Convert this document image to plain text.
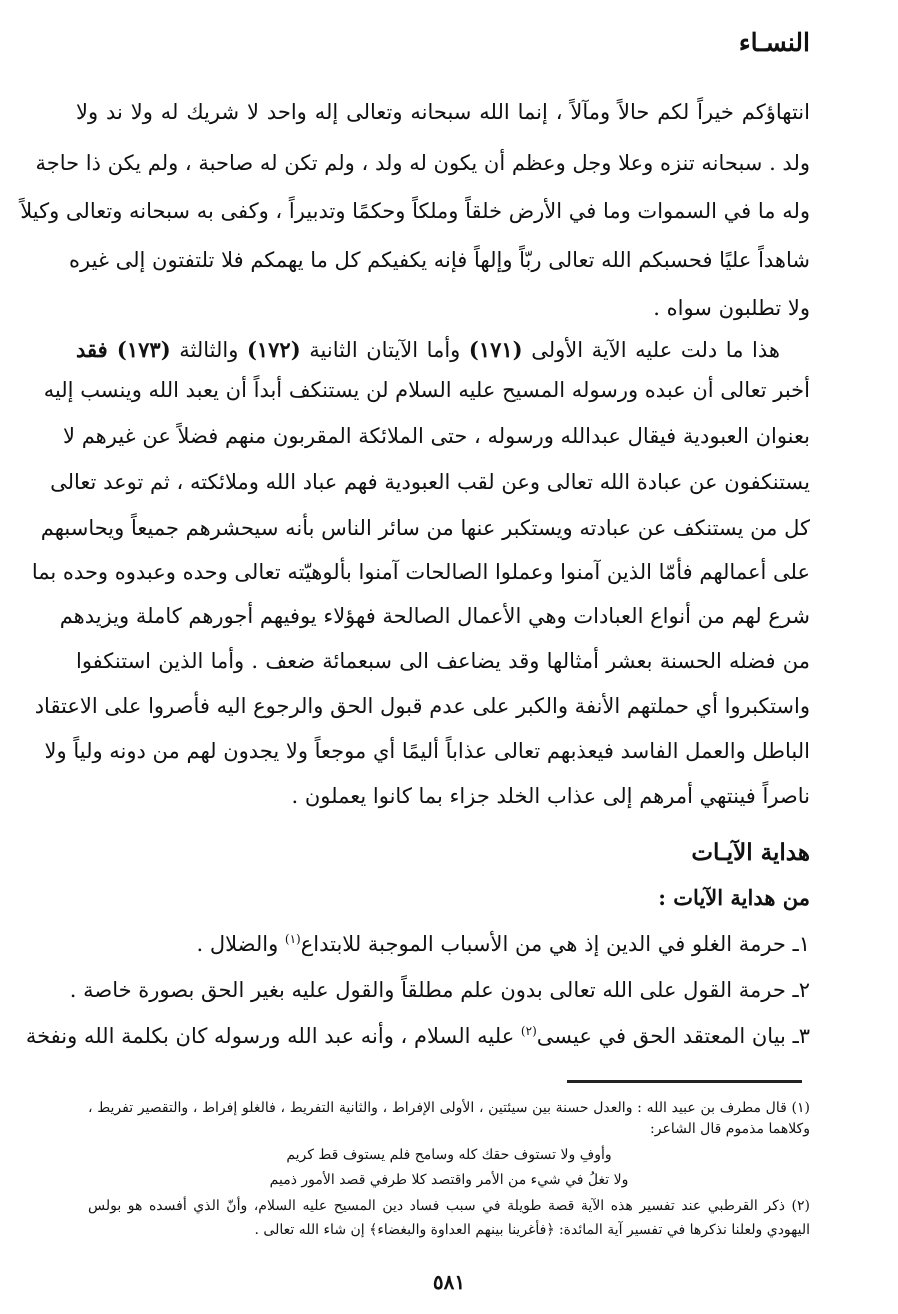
النسـاء
انتهاؤكم خيراً لكم حالاً ومآلاً ، إنما الله سبحانه وتعالى إله واحد لا شريك له ولا ند ولا
ولد . سبحانه تنزه وعلا وجل وعظم أن يكون له ولد ، ولم تكن له صاحبة ، ولم يكن ذا حاجة
وله ما في السموات وما في الأرض خلقاً وملكاً وحكمًا وتدبيراً ، وكفى به سبحانه وتعالى وكيلاً
شاهداً عليًا فحسبكم الله تعالى ربّاً وإلهاً فإنه يكفيكم كل ما يهمكم فلا تلتفتون إلى غيره
ولا تطلبون سواه .
هذا ما دلت عليه الآية الأولى (١٧١) وأما الآيتان الثانية (١٧٢) والثالثة (١٧٣) فقد
أخبر تعالى أن عبده ورسوله المسيح عليه السلام لن يستنكف أبداً أن يعبد الله وينسب إليه
بعنوان العبودية فيقال عبدالله ورسوله ، حتى الملائكة المقربون منهم فضلاً عن غيرهم لا
يستنكفون عن عبادة الله تعالى وعن لقب العبودية فهم عباد الله وملائكته ، ثم توعد تعالى
كل من يستنكف عن عبادته ويستكبر عنها من سائر الناس بأنه سيحشرهم جميعاً ويحاسبهم
على أعمالهم فأمّا الذين آمنوا وعملوا الصالحات آمنوا بألوهيّته تعالى وحده وعبدوه وحده بما
شرع لهم من أنواع العبادات وهي الأعمال الصالحة فهؤلاء يوفيهم أجورهم كاملة ويزيدهم
من فضله الحسنة بعشر أمثالها وقد يضاعف الى سبعمائة ضعف . وأما الذين استنكفوا
واستكبروا أي حملتهم الأنفة والكبر على عدم قبول الحق والرجوع اليه فأصروا على الاعتقاد
الباطل والعمل الفاسد فيعذبهم تعالى عذاباً أليمًا أي موجعاً ولا يجدون لهم من دونه ولياً ولا
ناصراً فينتهي أمرهم إلى عذاب الخلد جزاء بما كانوا يعملون .
هداية الآيـات
من هداية الآيات :
١ـ حرمة الغلو في الدين إذ هي من الأسباب الموجبة للابتداع$^{(١)}$ والضلال .
٢ـ حرمة القول على الله تعالى بدون علم مطلقاً والقول عليه بغير الحق بصورة خاصة .
٣ـ بيان المعتقد الحق في عيسى$^{(٢)}$ عليه السلام ، وأنه عبد الله ورسوله كان بكلمة الله ونفخة
(١) قال مطرف بن عبيد الله : والعدل حسنة بين سيئتين ، الأولى الإفراط ، والثانية التفريط ، فالغلو إفراط ، والتقصير تفريط ،
وكلاهما مذموم قال الشاعر:
وأوفِ ولا تستوف حقك كله وسامح فلم يستوف قط كريم
ولا تغلُ في شيء من الأمر واقتصد كلا طرفي قصد الأمور ذميم
(٢) ذكر القرطبي عند تفسير هذه الآية قصة طويلة في سبب فساد دين المسيح عليه السلام، وأنّ الذي أفسده هو بولس
اليهودي ولعلنا نذكرها في تفسير آية المائدة: ﴿فأغرينا بينهم العداوة والبغضاء﴾ إن شاء الله تعالى .
٥٨١
